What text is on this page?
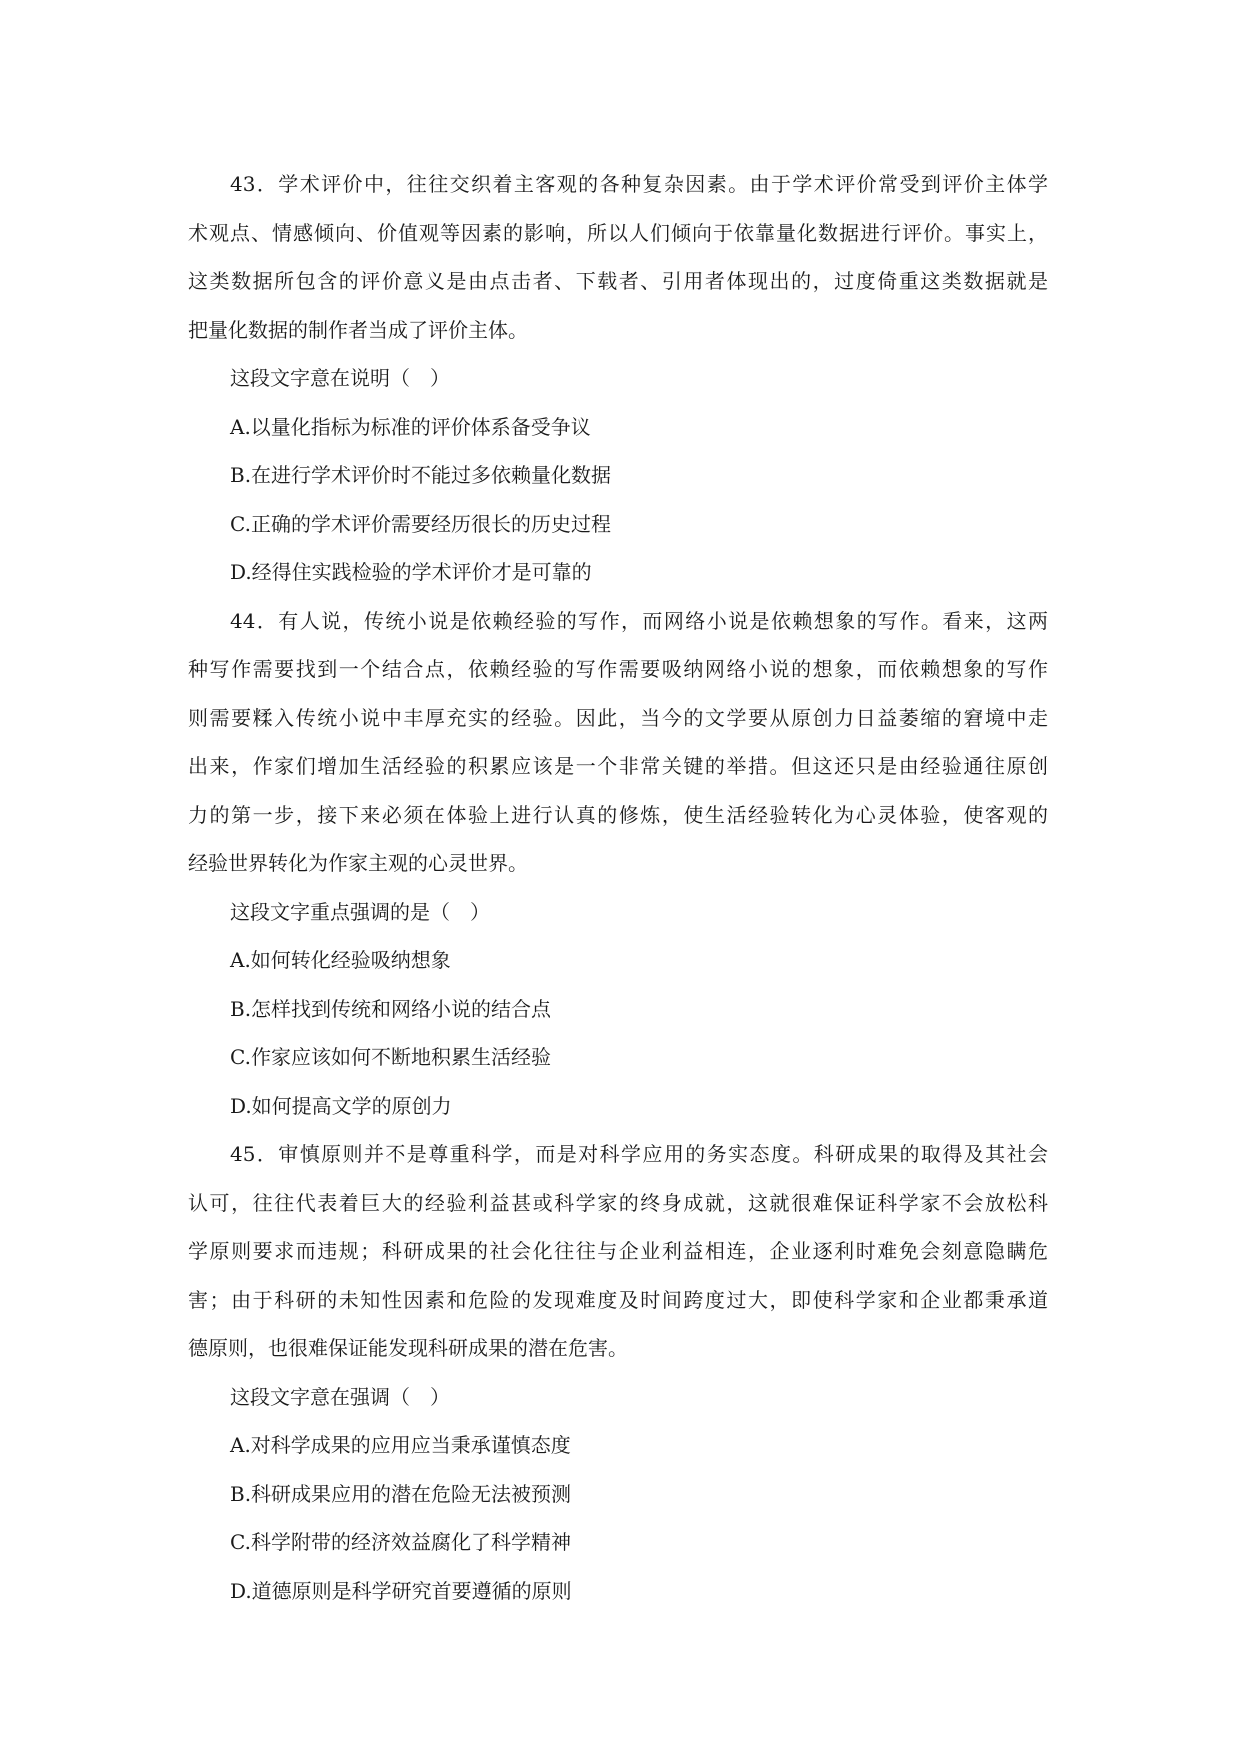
43．学术评价中，往往交织着主客观的各种复杂因素。由于学术评价常受到评价主体学
术观点、情感倾向、价值观等因素的影响，所以人们倾向于依靠量化数据进行评价。事实上，
这类数据所包含的评价意义是由点击者、下载者、引用者体现出的，过度倚重这类数据就是
把量化数据的制作者当成了评价主体。
这段文字意在说明（　）
A.以量化指标为标准的评价体系备受争议
B.在进行学术评价时不能过多依赖量化数据
C.正确的学术评价需要经历很长的历史过程
D.经得住实践检验的学术评价才是可靠的
44．有人说，传统小说是依赖经验的写作，而网络小说是依赖想象的写作。看来，这两
种写作需要找到一个结合点，依赖经验的写作需要吸纳网络小说的想象，而依赖想象的写作
则需要糅入传统小说中丰厚充实的经验。因此，当今的文学要从原创力日益萎缩的窘境中走
出来，作家们增加生活经验的积累应该是一个非常关键的举措。但这还只是由经验通往原创
力的第一步，接下来必须在体验上进行认真的修炼，使生活经验转化为心灵体验，使客观的
经验世界转化为作家主观的心灵世界。
这段文字重点强调的是（　）
A.如何转化经验吸纳想象
B.怎样找到传统和网络小说的结合点
C.作家应该如何不断地积累生活经验
D.如何提高文学的原创力
45．审慎原则并不是尊重科学，而是对科学应用的务实态度。科研成果的取得及其社会
认可，往往代表着巨大的经验利益甚或科学家的终身成就，这就很难保证科学家不会放松科
学原则要求而违规；科研成果的社会化往往与企业利益相连，企业逐利时难免会刻意隐瞒危
害；由于科研的未知性因素和危险的发现难度及时间跨度过大，即使科学家和企业都秉承道
德原则，也很难保证能发现科研成果的潜在危害。
这段文字意在强调（　）
A.对科学成果的应用应当秉承谨慎态度
B.科研成果应用的潜在危险无法被预测
C.科学附带的经济效益腐化了科学精神
D.道德原则是科学研究首要遵循的原则
